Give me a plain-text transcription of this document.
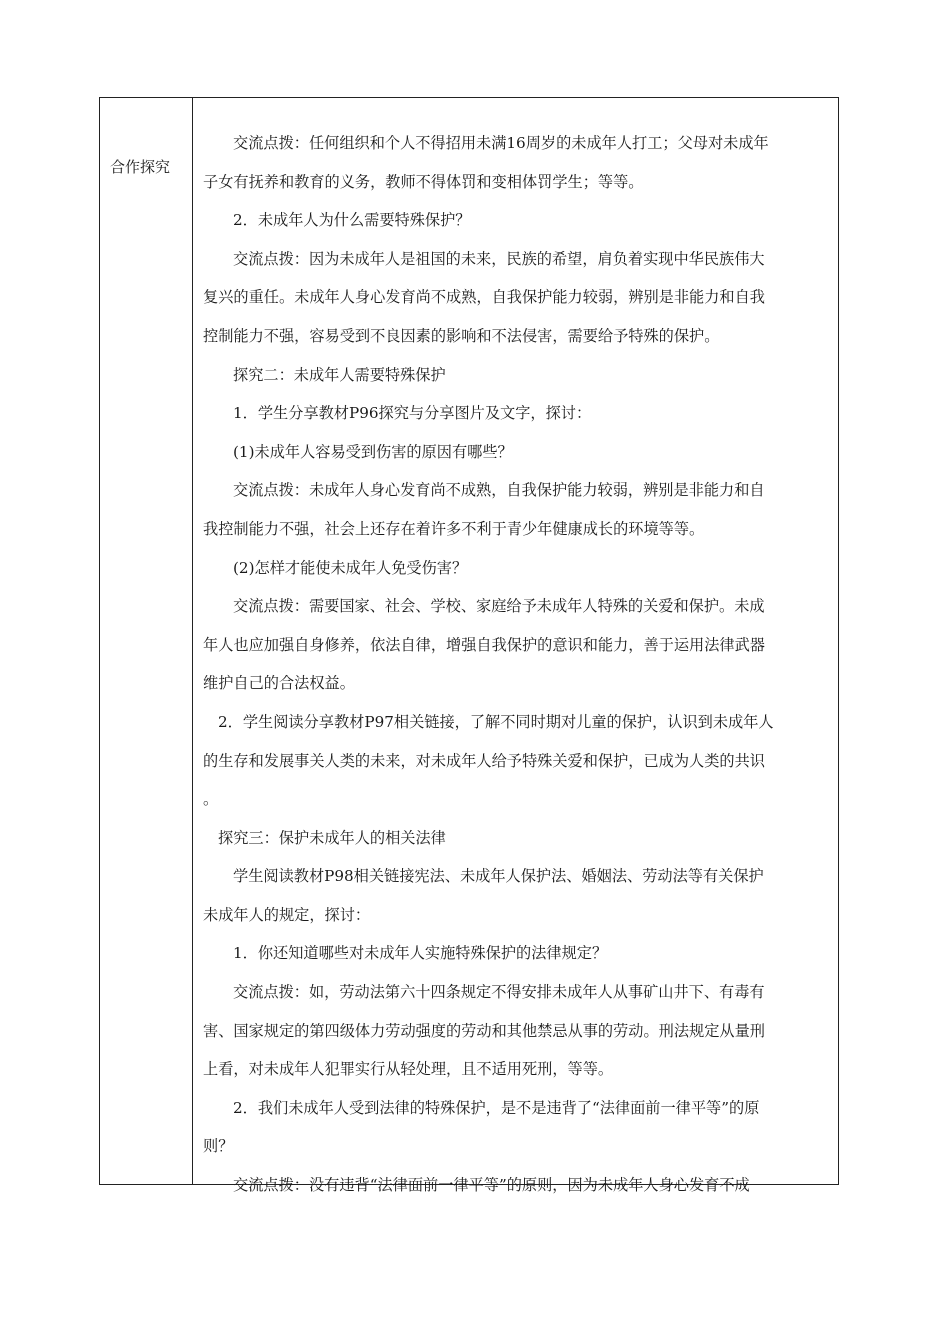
合作探究
交流点拨：任何组织和个人不得招用未满16周岁的未成年人打工；父母对未成年
子女有抚养和教育的义务，教师不得体罚和变相体罚学生；等等。
2．未成年人为什么需要特殊保护？
交流点拨：因为未成年人是祖国的未来，民族的希望，肩负着实现中华民族伟大
复兴的重任。未成年人身心发育尚不成熟，自我保护能力较弱，辨别是非能力和自我
控制能力不强，容易受到不良因素的影响和不法侵害，需要给予特殊的保护。
探究二：未成年人需要特殊保护
1．学生分享教材P96探究与分享图片及文字，探讨：
(1)未成年人容易受到伤害的原因有哪些？
交流点拨：未成年人身心发育尚不成熟，自我保护能力较弱，辨别是非能力和自
我控制能力不强，社会上还存在着许多不利于青少年健康成长的环境等等。
(2)怎样才能使未成年人免受伤害？
交流点拨：需要国家、社会、学校、家庭给予未成年人特殊的关爱和保护。未成
年人也应加强自身修养，依法自律，增强自我保护的意识和能力，善于运用法律武器
维护自己的合法权益。
2．学生阅读分享教材P97相关链接，了解不同时期对儿童的保护，认识到未成年人
的生存和发展事关人类的未来，对未成年人给予特殊关爱和保护，已成为人类的共识
。
探究三：保护未成年人的相关法律
学生阅读教材P98相关链接宪法、未成年人保护法、婚姻法、劳动法等有关保护
未成年人的规定，探讨：
1．你还知道哪些对未成年人实施特殊保护的法律规定？
交流点拨：如，劳动法第六十四条规定不得安排未成年人从事矿山井下、有毒有
害、国家规定的第四级体力劳动强度的劳动和其他禁忌从事的劳动。刑法规定从量刑
上看，对未成年人犯罪实行从轻处理，且不适用死刑，等等。
2．我们未成年人受到法律的特殊保护，是不是违背了“法律面前一律平等”的原
则？
交流点拨：没有违背“法律面前一律平等”的原则，因为未成年人身心发育不成
